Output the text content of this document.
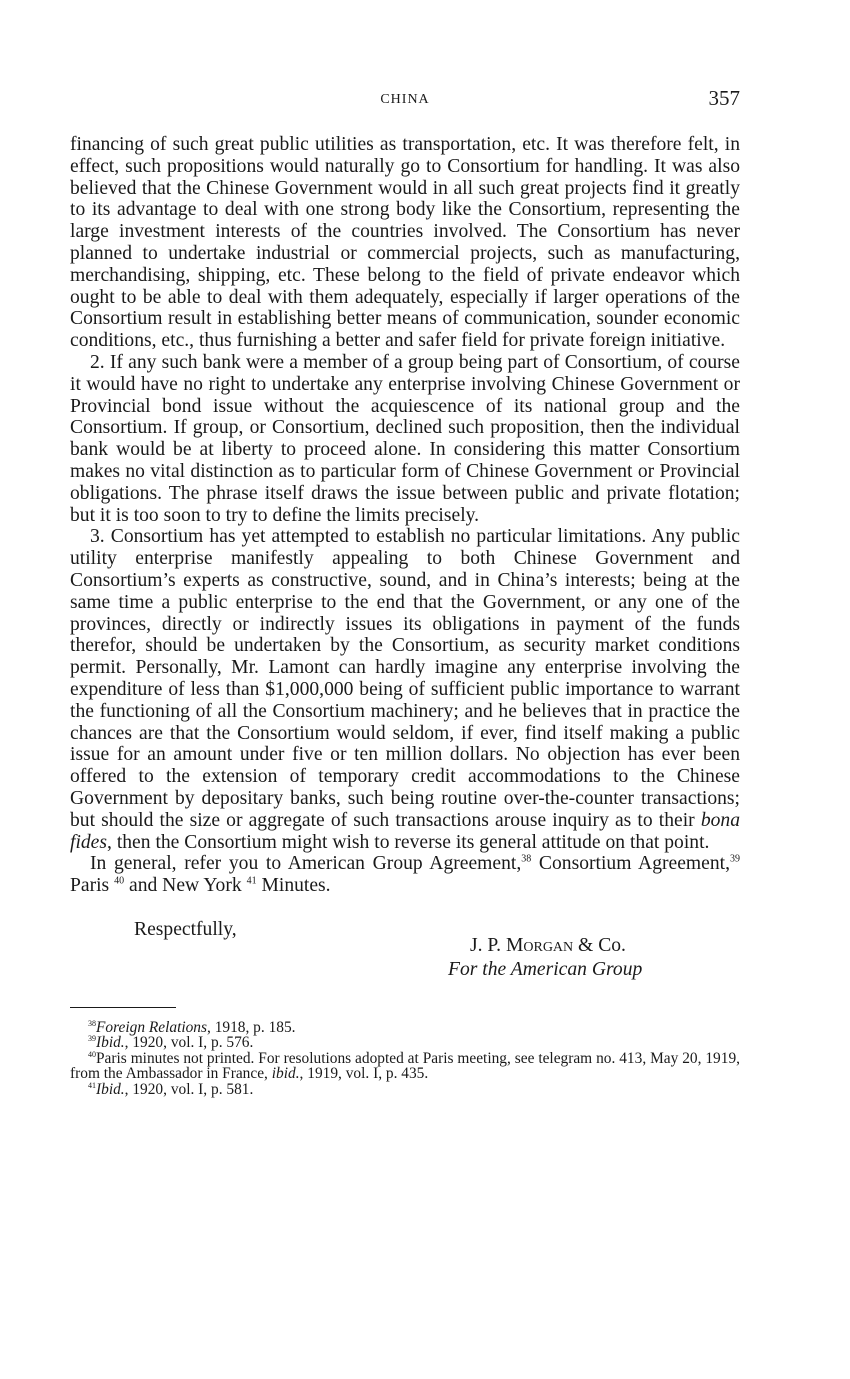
CHINA	357

financing of such great public utilities as transportation, etc. It was therefore felt, in effect, such propositions would naturally go to Consortium for handling. It was also believed that the Chinese Government would in all such great projects find it greatly to its advantage to deal with one strong body like the Consortium, representing the large investment interests of the countries involved. The Consortium has never planned to undertake industrial or commercial projects, such as manufacturing, merchandising, shipping, etc. These belong to the field of private endeavor which ought to be able to deal with them adequately, especially if larger operations of the Consortium result in establishing better means of communication, sounder economic conditions, etc., thus furnishing a better and safer field for private foreign initiative.

2. If any such bank were a member of a group being part of Consortium, of course it would have no right to undertake any enterprise involving Chinese Government or Provincial bond issue without the acquiescence of its national group and the Consortium. If group, or Consortium, declined such proposition, then the individual bank would be at liberty to proceed alone. In considering this matter Consortium makes no vital distinction as to particular form of Chinese Government or Provincial obligations. The phrase itself draws the issue between public and private flotation; but it is too soon to try to define the limits precisely.

3. Consortium has yet attempted to establish no particular limitations. Any public utility enterprise manifestly appealing to both Chinese Government and Consortium’s experts as constructive, sound, and in China’s interests; being at the same time a public enterprise to the end that the Government, or any one of the provinces, directly or indirectly issues its obligations in payment of the funds therefor, should be undertaken by the Consortium, as security market conditions permit. Personally, Mr. Lamont can hardly imagine any enterprise involving the expenditure of less than $1,000,000 being of sufficient public importance to warrant the functioning of all the Consortium machinery; and he believes that in practice the chances are that the Consortium would seldom, if ever, find itself making a public issue for an amount under five or ten million dollars. No objection has ever been offered to the extension of temporary credit accommodations to the Chinese Government by depositary banks, such being routine over-the-counter transactions; but should the size or aggregate of such transactions arouse inquiry as to their bona fides, then the Consortium might wish to reverse its general attitude on that point.

In general, refer you to American Group Agreement,$^{38}$ Consortium Agreement,$^{39}$ Paris $^{40}$ and New York $^{41}$ Minutes.

Respectfully,
J. P. Morgan & Co.
For the American Group

$^{38}$Foreign Relations, 1918, p. 185.

$^{39}$Ibid., 1920, vol. I, p. 576.

$^{40}$Paris minutes not printed. For resolutions adopted at Paris meeting, see telegram no. 413, May 20, 1919, from the Ambassador in France, ibid., 1919, vol. I, p. 435.

$^{41}$Ibid., 1920, vol. I, p. 581.
